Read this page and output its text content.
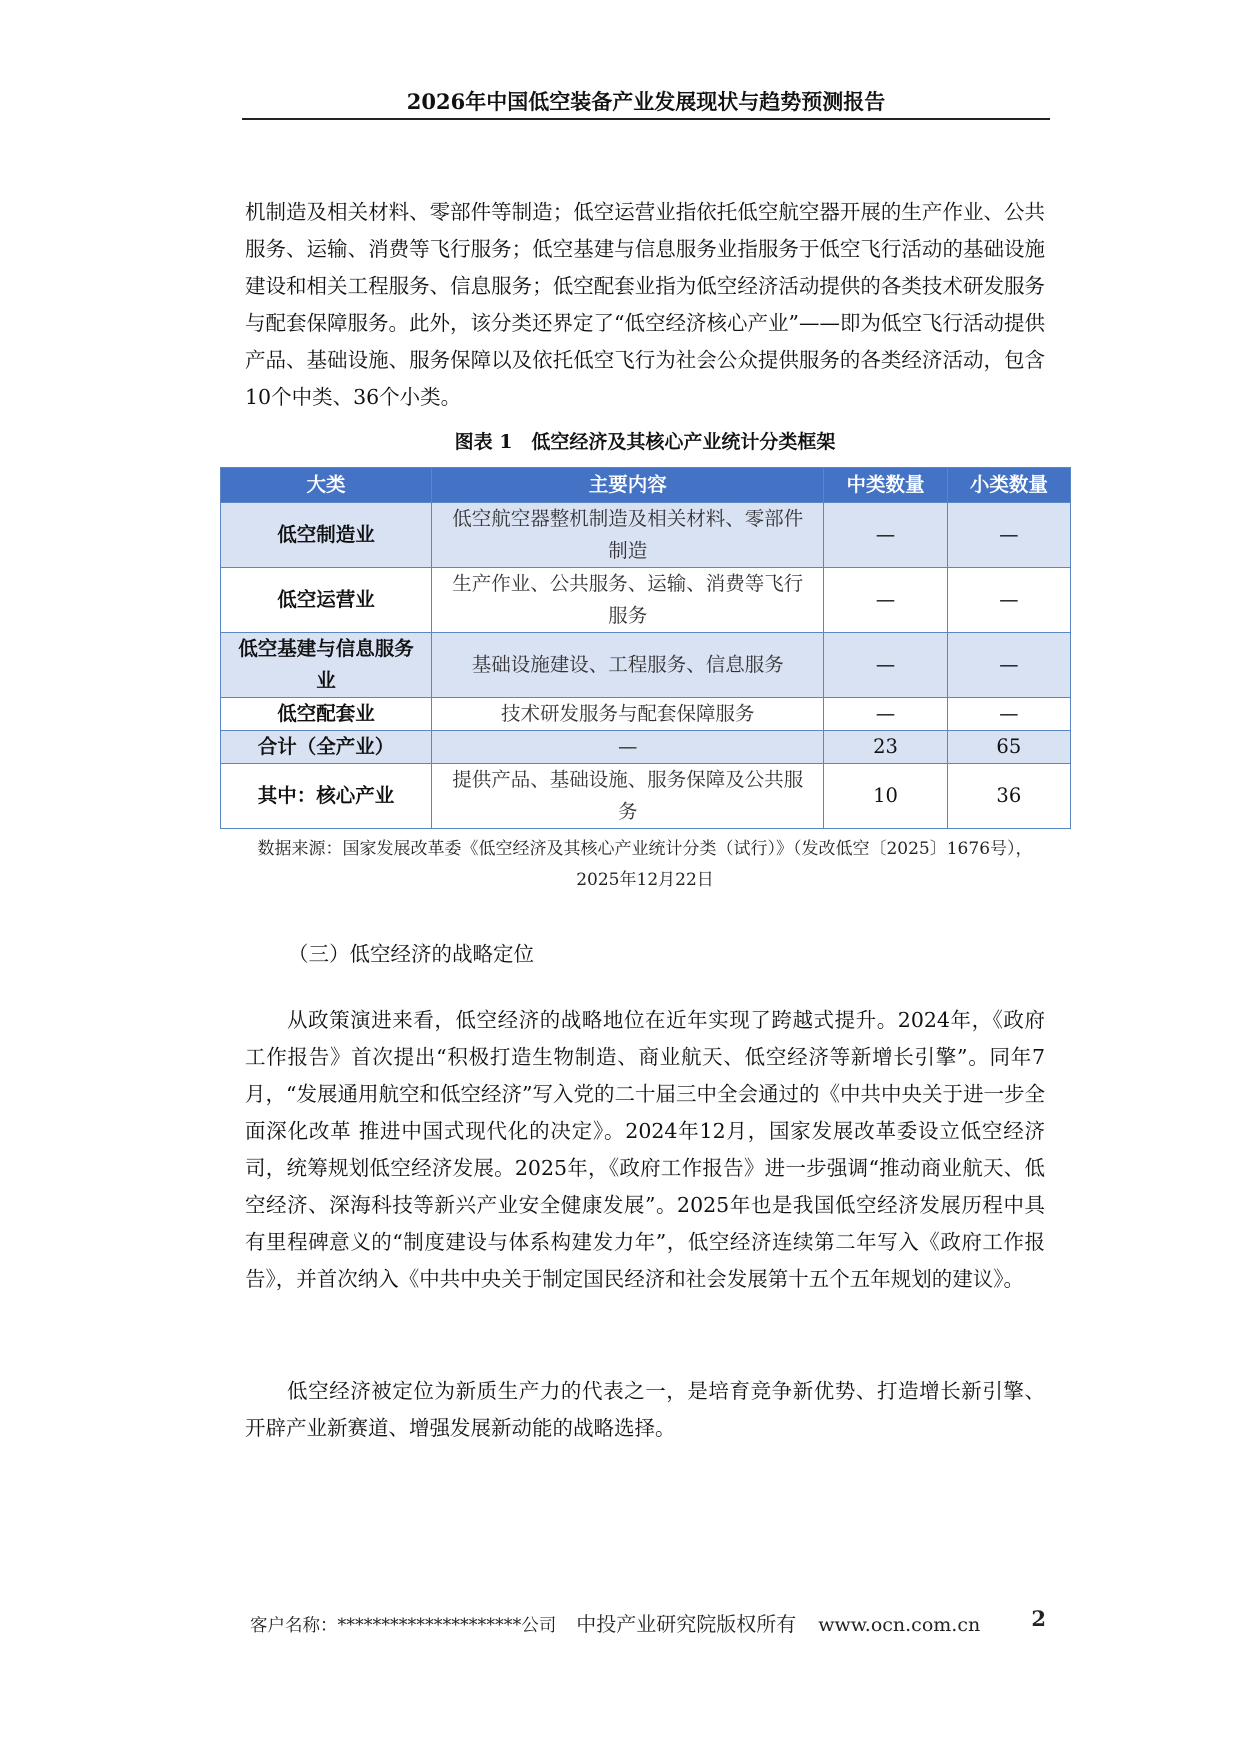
2026年中国低空装备产业发展现状与趋势预测报告

机制造及相关材料、零部件等制造；低空运营业指依托低空航空器开展的生产作业、公共服务、运输、消费等飞行服务；低空基建与信息服务业指服务于低空飞行活动的基础设施建设和相关工程服务、信息服务；低空配套业指为低空经济活动提供的各类技术研发服务与配套保障服务。此外，该分类还界定了“低空经济核心产业”——即为低空飞行活动提供产品、基础设施、服务保障以及依托低空飞行为社会公众提供服务的各类经济活动，包含10个中类、36个小类。

图表 1　低空经济及其核心产业统计分类框架
大类	主要内容	中类数量	小类数量
低空制造业	低空航空器整机制造及相关材料、零部件制造	—	—
低空运营业	生产作业、公共服务、运输、消费等飞行服务	—	—
低空基建与信息服务业	基础设施建设、工程服务、信息服务	—	—
低空配套业	技术研发服务与配套保障服务	—	—
合计（全产业）	—	23	65
其中：核心产业	提供产品、基础设施、服务保障及公共服务	10	36
数据来源：国家发展改革委《低空经济及其核心产业统计分类（试行）》（发改低空〔2025〕1676号），2025年12月22日
（三）低空经济的战略定位

从政策演进来看，低空经济的战略地位在近年实现了跨越式提升。2024年，《政府工作报告》首次提出“积极打造生物制造、商业航天、低空经济等新增长引擎”。同年7月，“发展通用航空和低空经济”写入党的二十届三中全会通过的《中共中央关于进一步全面深化改革 推进中国式现代化的决定》。2024年12月，国家发展改革委设立低空经济司，统筹规划低空经济发展。2025年，《政府工作报告》进一步强调“推动商业航天、低空经济、深海科技等新兴产业安全健康发展”。2025年也是我国低空经济发展历程中具有里程碑意义的“制度建设与体系构建发力年”，低空经济连续第二年写入《政府工作报告》，并首次纳入《中共中央关于制定国民经济和社会发展第十五个五年规划的建议》。

低空经济被定位为新质生产力的代表之一，是培育竞争新优势、打造增长新引擎、开辟产业新赛道、增强发展新动能的战略选择。

客户名称：*********************公司 中投产业研究院版权所有 www.ocn.com.cn 2
